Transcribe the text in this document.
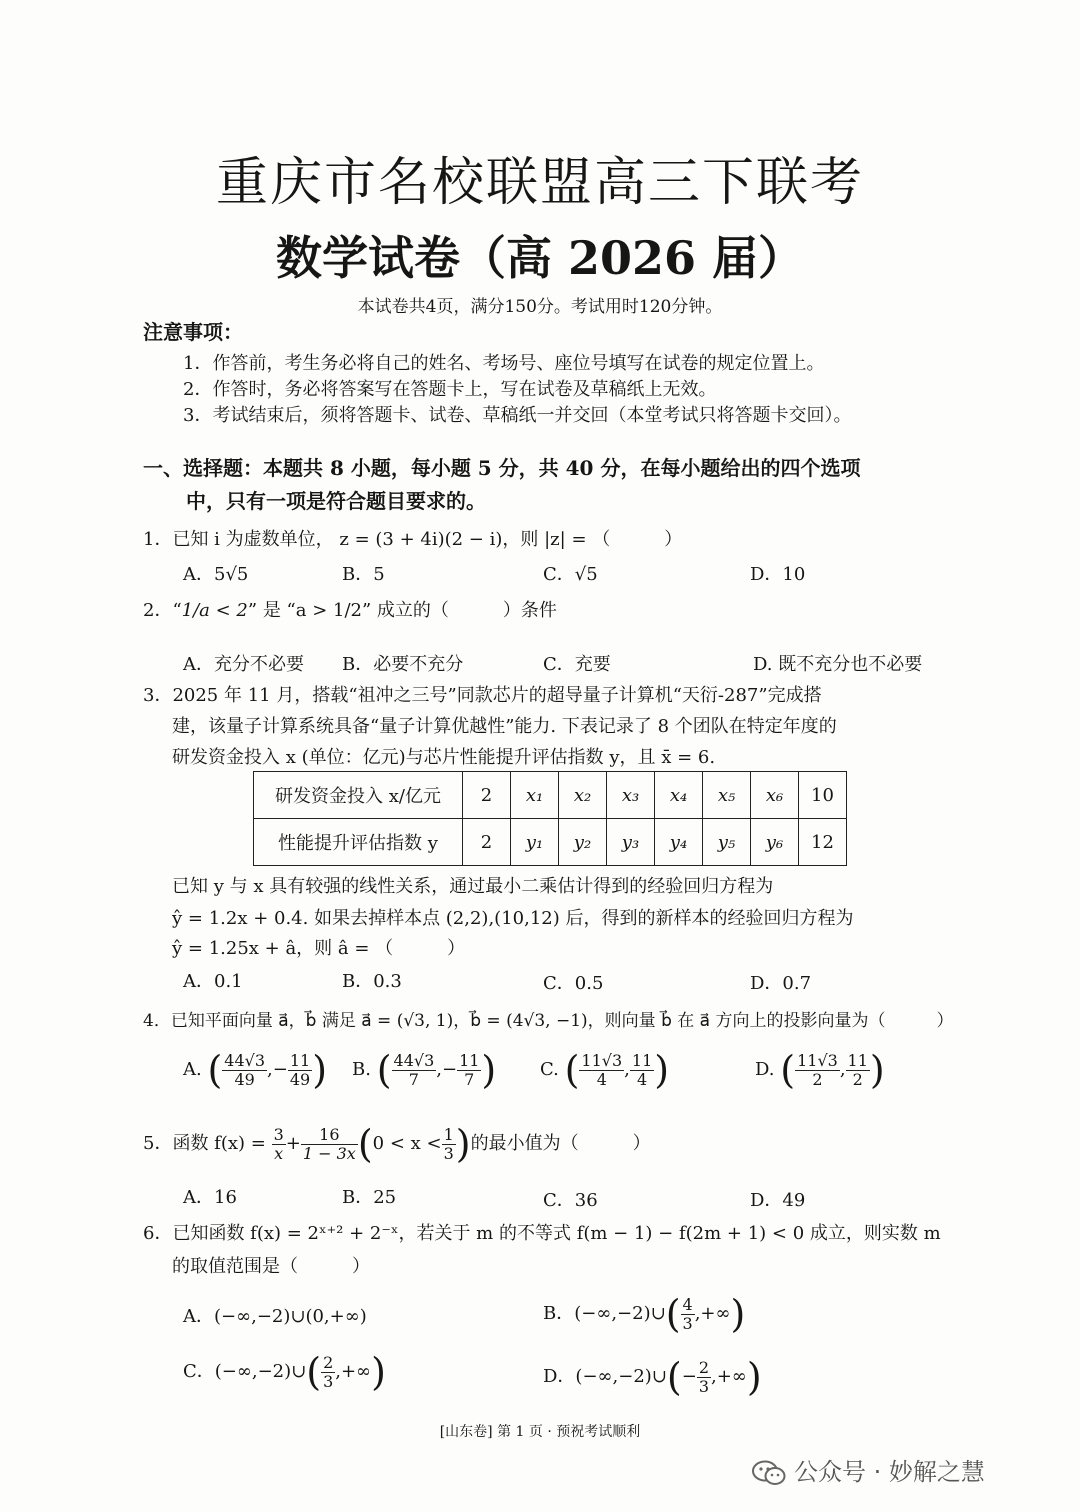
重庆市名校联盟高三下联考
数学试卷（高 2026 届）
本试卷共4页，满分150分。考试用时120分钟。
注意事项：
1．作答前，考生务必将自己的姓名、考场号、座位号填写在试卷的规定位置上。
2．作答时，务必将答案写在答题卡上，写在试卷及草稿纸上无效。
3．考试结束后，须将答题卡、试卷、草稿纸一并交回（本堂考试只将答题卡交回）。
一、选择题：本题共 8 小题，每小题 5 分，共 40 分，在每小题给出的四个选项
中，只有一项是符合题目要求的。
1．已知 i 为虚数单位， z = (3 + 4i)(2 − i)，则 |z| = （　　　）
A．5√5	B．5	C．√5	D．10
2．“1/a < 2” 是 “a > 1/2” 成立的（　　　）条件
A．充分不必要 B．必要不充分	C．充要	D. 既不充分也不必要
3．2025 年 11 月，搭载“祖冲之三号”同款芯片的超导量子计算机“天衍-287”完成搭
建，该量子计算系统具备“量子计算优越性”能力. 下表记录了 8 个团队在特定年度的
研发资金投入 x (单位：亿元)与芯片性能提升评估指数 y，且 x̄ = 6.
研发资金投入 x/亿元	2	x₁	x₂	x₃	x₄	x₅	x₆	10
性能提升评估指数 y	2	y₁	y₂	y₃	y₄	y₅	y₆	12
已知 y 与 x 具有较强的线性关系，通过最小二乘估计得到的经验回归方程为
ŷ = 1.2x + 0.4. 如果去掉样本点 (2,2),(10,12) 后，得到的新样本的经验回归方程为
ŷ = 1.25x + â，则 â = （　　　）
A．0.1	B．0.3	C．0.5	D．0.7
4．已知平面向量 a⃗，b⃗ 满足 a⃗ = (√3, 1)，b⃗ = (4√3, −1)，则向量 b⃗ 在 a⃗ 方向上的投影向量为（　　　）
A. ( $\frac{44√3}{49}$ ,− $\frac{11}{49}$ ) B. ( $\frac{44√3}{7}$ ,− $\frac{11}{7}$ ) C. ( $\frac{11√3}{4}$ , $\frac{11}{4}$ )	D. ( $\frac{11√3}{2}$ , $\frac{11}{2}$ )
5．函数 $f(x) = \frac{3}{x} + \frac{16}{1 - 3x} (0 < x < \frac{1}{3}$ )的最小值为（　　　）
A．16	B．25	C．36	D．49
6．已知函数 f(x) = 2ˣ⁺² + 2⁻ˣ，若关于 m 的不等式 f(m − 1) − f(2m + 1) < 0 成立，则实数 m
的取值范围是（　　　）
A．(−∞,−2)∪(0,+∞)	B．(−∞,−2)∪( $\frac{4}{3}$ ,+∞)
C．(−∞,−2)∪( $\frac{2}{3}$ ,+∞)	D．(−∞,−2)∪(− $\frac{2}{3}$ ,+∞)
[山东卷] 第 1 页 · 预祝考试顺利
公众号 · 妙解之慧
